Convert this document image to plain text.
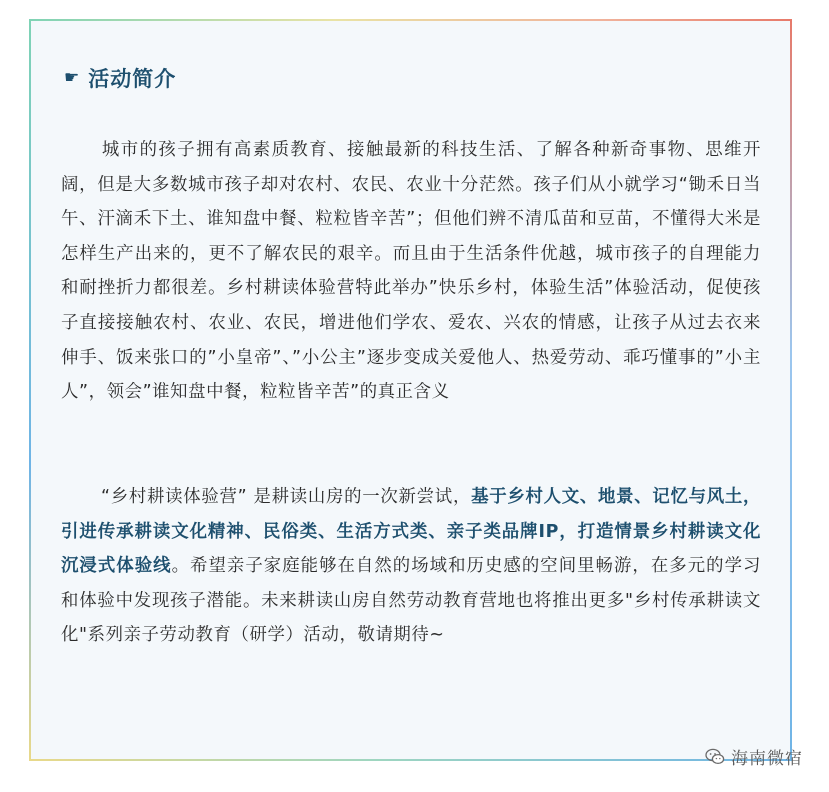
☛ 活动简介
城市的孩子拥有高素质教育、接触最新的科技生活、了解各种新奇事物、思维开阔，但是大多数城市孩子却对农村、农民、农业十分茫然。孩子们从小就学习“锄禾日当午、汗滴禾下土、谁知盘中餐、粒粒皆辛苦”；但他们辨不清瓜苗和豆苗，不懂得大米是怎样生产出来的，更不了解农民的艰辛。而且由于生活条件优越，城市孩子的自理能力和耐挫折力都很差。乡村耕读体验营特此举办”快乐乡村，体验生活”体验活动，促使孩子直接接触农村、农业、农民，增进他们学农、爱农、兴农的情感，让孩子从过去衣来伸手、饭来张口的”小皇帝”、”小公主”逐步变成关爱他人、热爱劳动、乖巧懂事的”小主人”，领会”谁知盘中餐，粒粒皆辛苦”的真正含义
“乡村耕读体验营” 是耕读山房的一次新尝试，基于乡村人文、地景、记忆与风土，引进传承耕读文化精神、民俗类、生活方式类、亲子类品牌IP，打造情景乡村耕读文化沉浸式体验线。希望亲子家庭能够在自然的场域和历史感的空间里畅游，在多元的学习和体验中发现孩子潜能。未来耕读山房自然劳动教育营地也将推出更多"乡村传承耕读文化"系列亲子劳动教育（研学）活动，敬请期待~
海南微宿
